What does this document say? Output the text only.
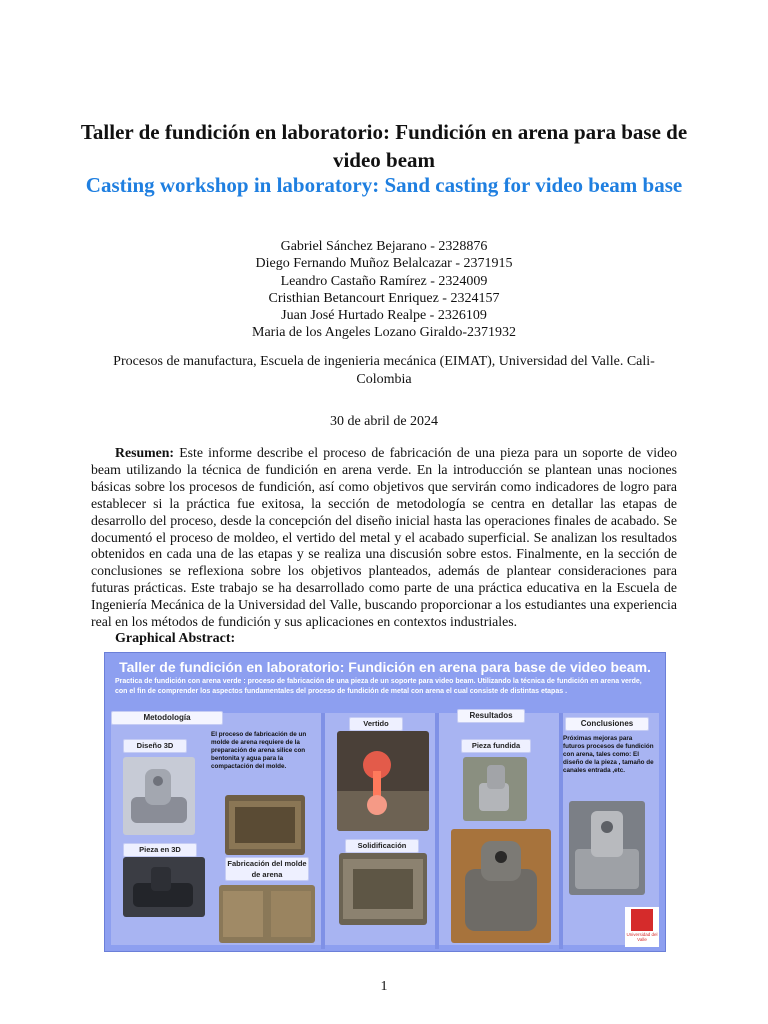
Taller de fundición en laboratorio: Fundición en arena para base de video beam
Casting workshop in laboratory: Sand casting for video beam base
Gabriel Sánchez Bejarano - 2328876
Diego Fernando Muñoz Belalcazar - 2371915
Leandro Castaño Ramírez - 2324009
Cristhian Betancourt Enriquez - 2324157
Juan José Hurtado Realpe - 2326109
Maria de los Angeles Lozano Giraldo-2371932
Procesos de manufactura, Escuela de ingenieria mecánica (EIMAT), Universidad del Valle. Cali-Colombia
30 de abril de 2024
Resumen: Este informe describe el proceso de fabricación de una pieza para un soporte de video beam utilizando la técnica de fundición en arena verde. En la introducción se plantean unas nociones básicas sobre los procesos de fundición, así como objetivos que servirán como indicadores de logro para establecer si la práctica fue exitosa, la sección de metodología se centra en detallar las etapas de desarrollo del proceso, desde la concepción del diseño inicial hasta las operaciones finales de acabado. Se documentó el proceso de moldeo, el vertido del metal y el acabado superficial. Se analizan los resultados obtenidos en cada una de las etapas y se realiza una discusión sobre estos. Finalmente, en la sección de conclusiones se reflexiona sobre los objetivos planteados, además de plantear consideraciones para futuras prácticas. Este trabajo se ha desarrollado como parte de una práctica educativa en la Escuela de Ingeniería Mecánica de la Universidad del Valle, buscando proporcionar a los estudiantes una experiencia real en los métodos de fundición y sus aplicaciones en contextos industriales.
Graphical Abstract:
Taller de fundición en laboratorio: Fundición en arena para base de video beam.
Practica de fundición con arena verde : proceso de fabricación de una pieza de un soporte para video beam. Utilizando la técnica de fundición en arena verde, con el fin de comprender los aspectos fundamentales del proceso de fundición de metal con arena el cual consiste de distintas etapas .
Metodología
Diseño 3D
Pieza en 3D
El proceso de fabricación de un molde de arena requiere de la preparación de arena silice con bentonita y agua para la compactación del molde.
Fabricación del molde de arena
Vertido
Solidificación
Resultados
Pieza fundida
Conclusiones
Próximas mejoras para futuros procesos de fundición con arena, tales como: El diseño de la pieza , tamaño de canales entrada ,etc.
Universidad del Valle
1
